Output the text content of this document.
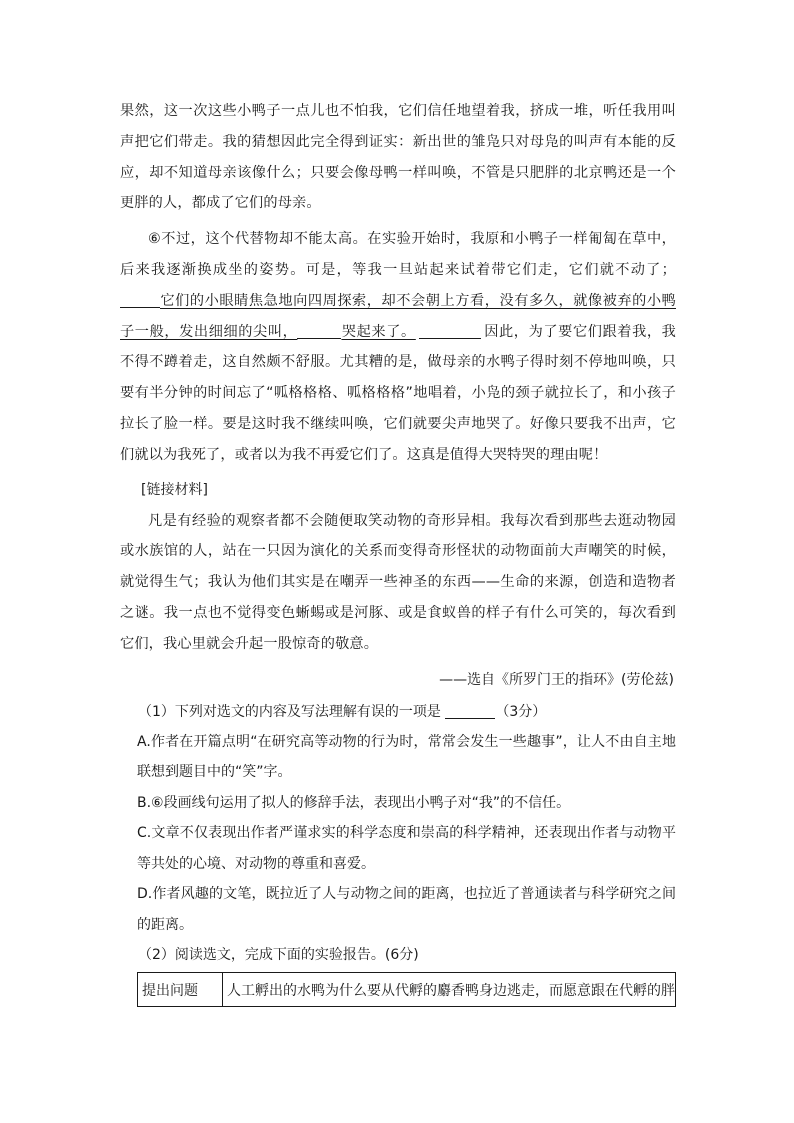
果然，这一次这些小鸭子一点儿也不怕我，它们信任地望着我，挤成一堆，听任我用叫声把它们带走。我的猜想因此完全得到证实：新出世的雏凫只对母凫的叫声有本能的反应，却不知道母亲该像什么；只要会像母鸭一样叫唤，不管是只肥胖的北京鸭还是一个更胖的人，都成了它们的母亲。

⑥不过，这个代替物却不能太高。在实验开始时，我原和小鸭子一样匍匐在草中，后来我逐渐换成坐的姿势。可是，等我一旦站起来试着带它们走，它们就不动了；它们的小眼睛焦急地向四周探索，却不会朝上方看，没有多久，就像被弃的小鸭子一般，发出细细的尖叫，	哭起来了。	因此，为了要它们跟着我，我不得不蹲着走，这自然颇不舒服。尤其糟的是，做母亲的水鸭子得时刻不停地叫唤，只要有半分钟的时间忘了“呱格格格、呱格格格”地唱着，小凫的颈子就拉长了，和小孩子拉长了脸一样。要是这时我不继续叫唤，它们就要尖声地哭了。好像只要我不出声，它们就以为我死了，或者以为我不再爱它们了。这真是值得大哭特哭的理由呢！

[链接材料]

凡是有经验的观察者都不会随便取笑动物的奇形异相。我每次看到那些去逛动物园或水族馆的人，站在一只因为演化的关系而变得奇形怪状的动物面前大声嘲笑的时候，就觉得生气；我认为他们其实是在嘲弄一些神圣的东西——生命的来源，创造和造物者之谜。我一点也不觉得变色蜥蜴或是河豚、或是食蚁兽的样子有什么可笑的，每次看到它们，我心里就会升起一股惊奇的敬意。

——选自《所罗门王的指环》(劳伦兹)

（1）下列对选文的内容及写法理解有误的一项是	（3分）

A.作者在开篇点明“在研究高等动物的行为时，常常会发生一些趣事”，让人不由自主地联想到题目中的“笑”字。

B.⑥段画线句运用了拟人的修辞手法，表现出小鸭子对“我”的不信任。

C.文章不仅表现出作者严谨求实的科学态度和崇高的科学精神，还表现出作者与动物平等共处的心境、对动物的尊重和喜爱。

D.作者风趣的文笔，既拉近了人与动物之间的距离，也拉近了普通读者与科学研究之间的距离。

（2）阅读选文，完成下面的实验报告。(6分)

提出问题	人工孵出的水鸭为什么要从代孵的麝香鸭身边逃走，而愿意跟在代孵的胖
